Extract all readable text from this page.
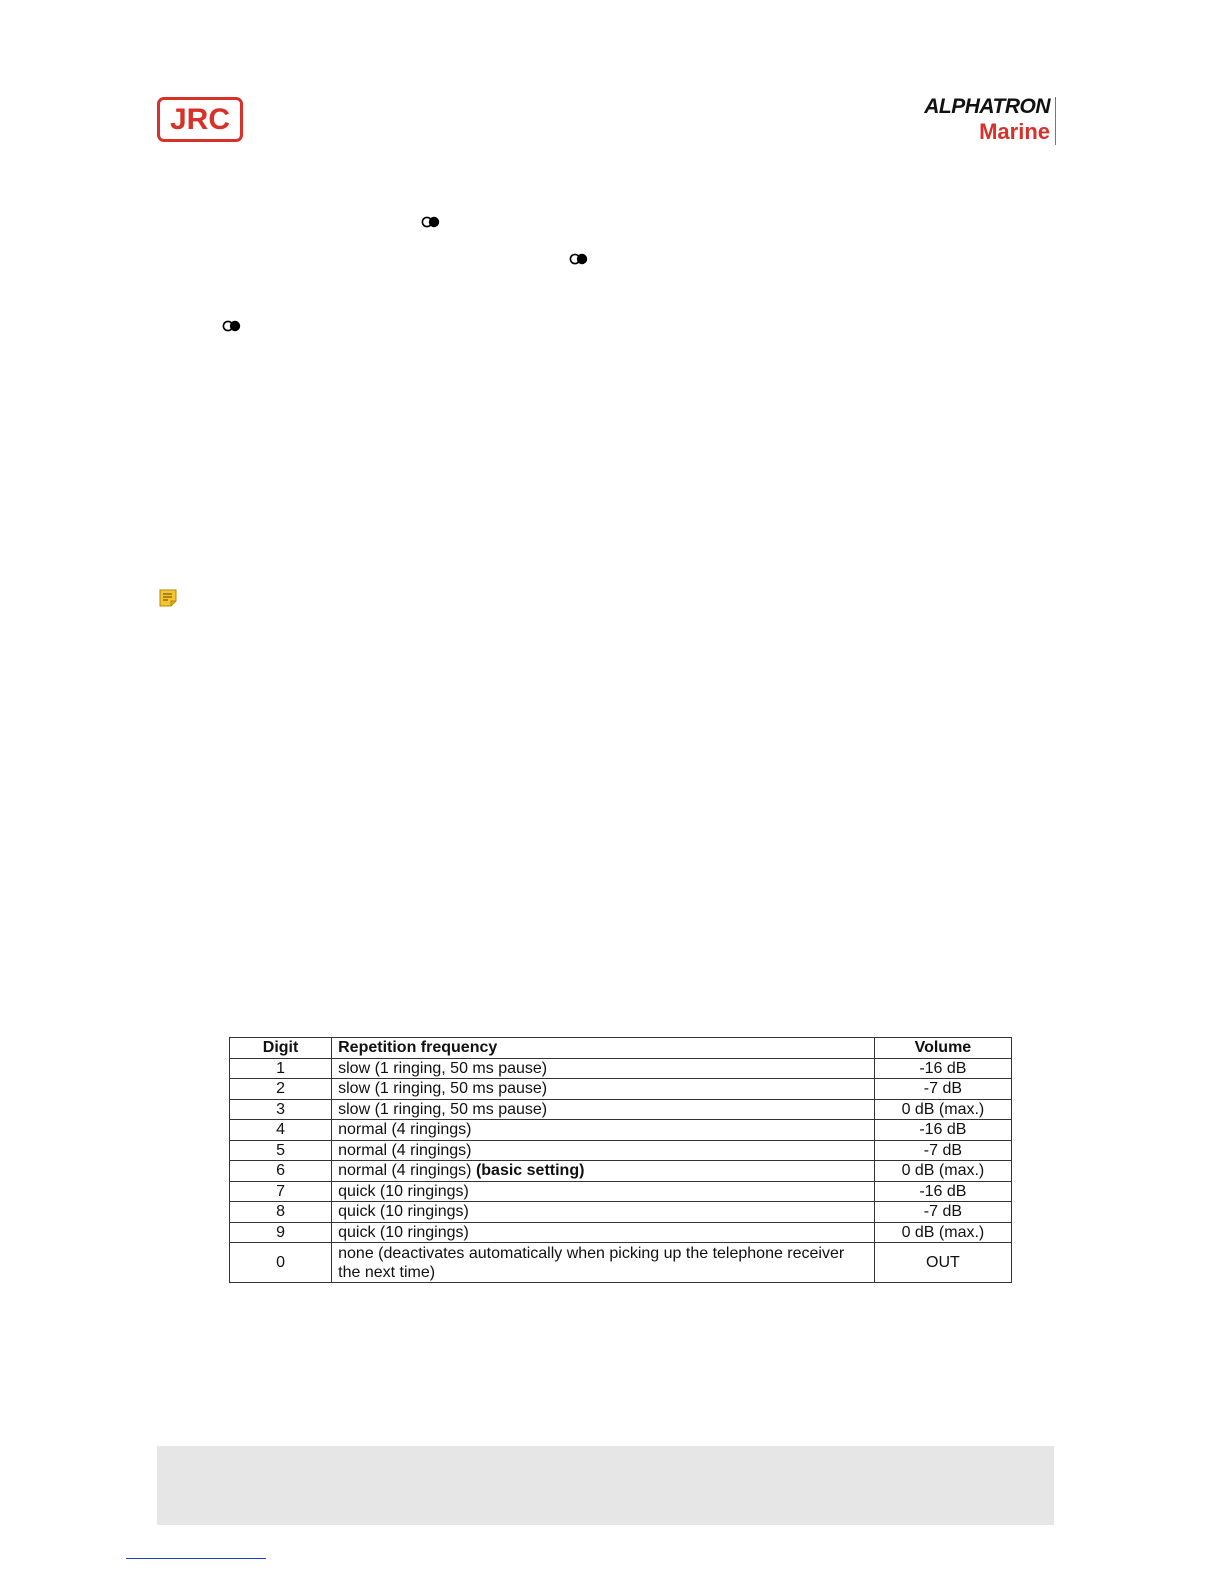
JRC	ALPHATRON
Marine
Digit	Repetition frequency	Volume
1	slow (1 ringing, 50 ms pause)	-16 dB
2	slow (1 ringing, 50 ms pause)	-7 dB
3	slow (1 ringing, 50 ms pause)	0 dB (max.)
4	normal (4 ringings)	-16 dB
5	normal (4 ringings)	-7 dB
6	normal (4 ringings) (basic setting)	0 dB (max.)
7	quick (10 ringings)	-16 dB
8	quick (10 ringings)	-7 dB
9	quick (10 ringings)	0 dB (max.)
0	none (deactivates automatically when picking up the telephone receiver the next time)	OUT
